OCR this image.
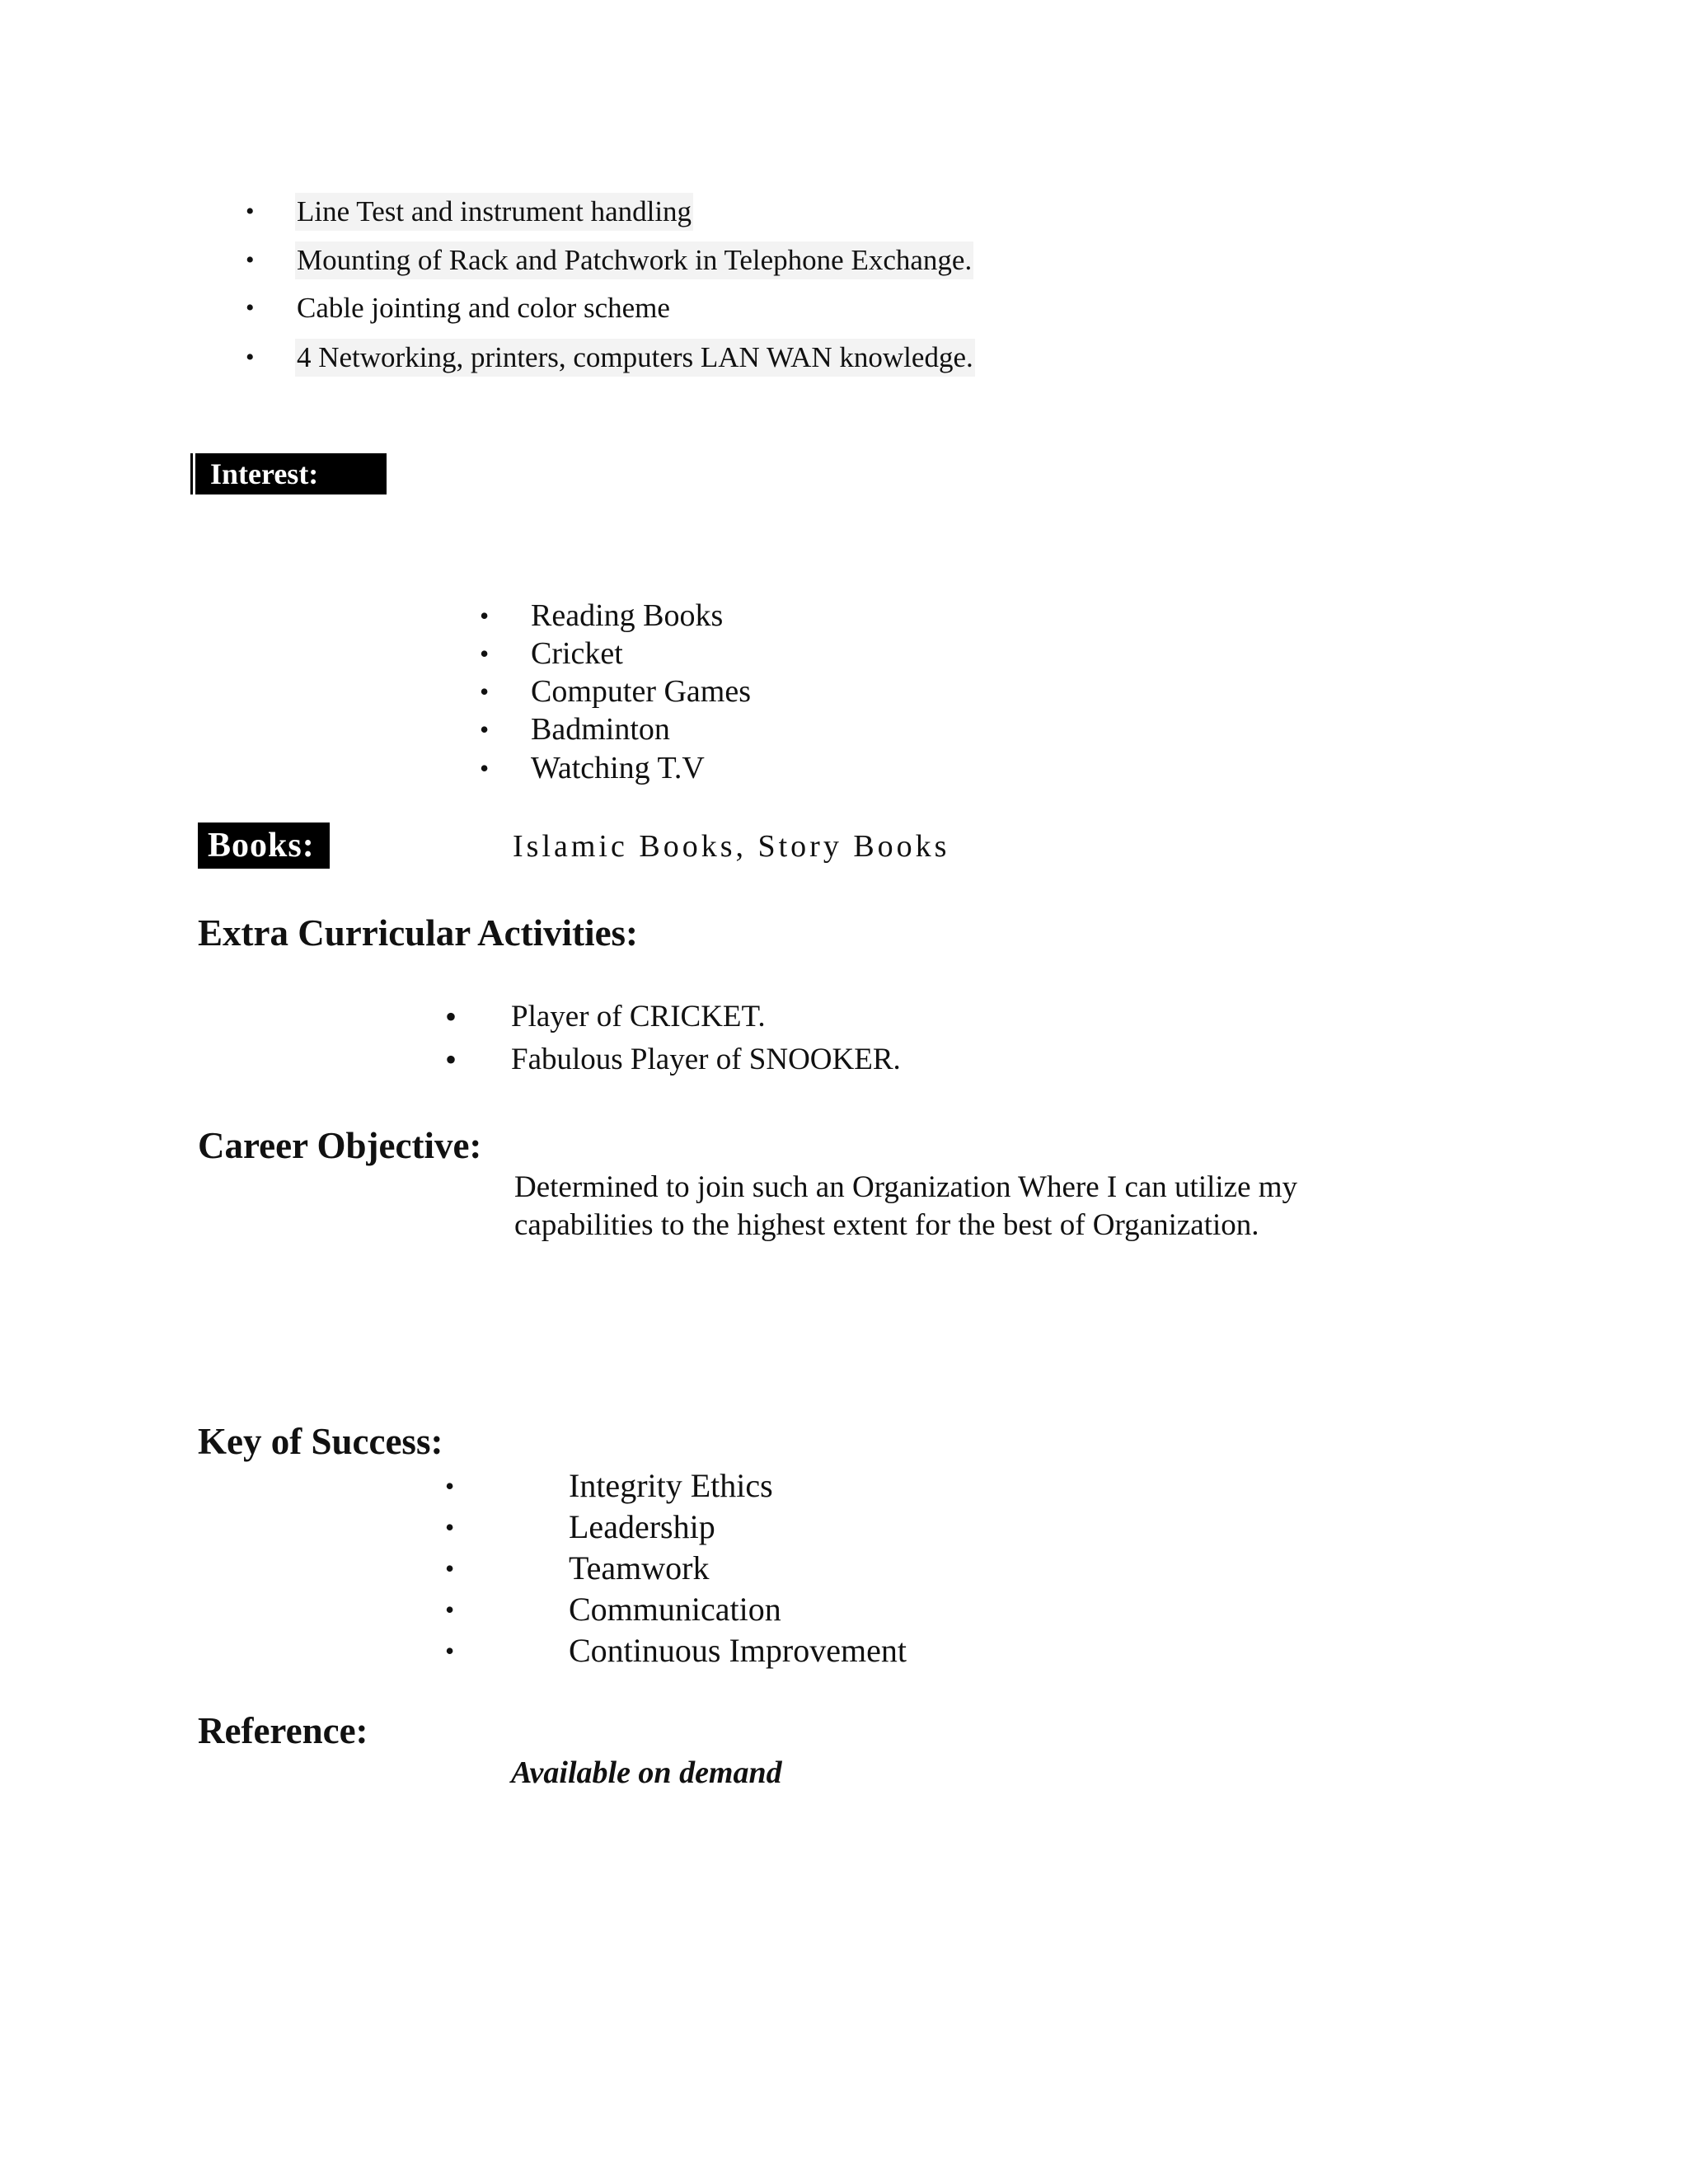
• Line Test and instrument handling
• Mounting of Rack and Patchwork in Telephone Exchange.
• Cable jointing and color scheme
• 4 Networking, printers, computers LAN WAN knowledge.
Interest:
• Reading Books
• Cricket
• Computer Games
• Badminton
• Watching T.V
Books:	Islamic Books, Story Books
Extra Curricular Activities:
• Player of CRICKET.
• Fabulous Player of SNOOKER.
Career Objective:
Determined to join such an Organization Where I can utilize my
capabilities to the highest extent for the best of Organization.
Key of Success:
•	Integrity Ethics
•	Leadership
•	Teamwork
•	Communication
•	Continuous Improvement
Reference:
Available on demand
